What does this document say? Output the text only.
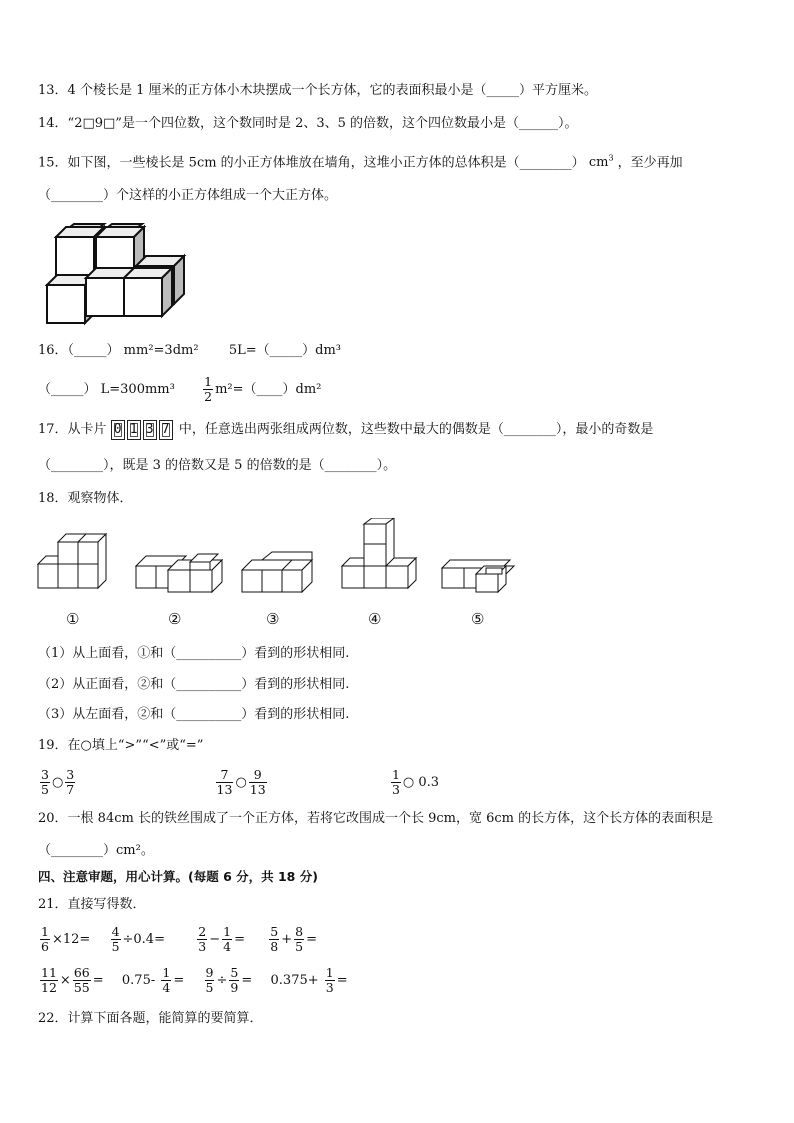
13．4 个棱长是 1 厘米的正方体小木块摆成一个长方体，它的表面积最小是（_____）平方厘米。
14．“2□9□”是一个四位数，这个数同时是 2、3、5 的倍数，这个四位数最小是（______）。
15．如下图，一些棱长是 5cm 的小正方体堆放在墙角，这堆小正方体的总体积是（________） $cm^3$ ，至少再加
（________）个这样的小正方体组成一个大正方体。
16．（_____） mm²=3dm² 5L=（_____）dm³
（_____） $L=300mm^3 \frac{1}{2}$ m²=（____）dm²
17．从卡片 0 1 3 7 中，任意选出两张组成两位数，这些数中最大的偶数是（________），最小的奇数是
（________），既是 3 的倍数又是 5 的倍数的是（________）。
18．观察物体．
①	②	③	④	⑤
（1）从上面看，①和（__________）看到的形状相同.
（2）从正面看，②和（__________）看到的形状相同.
（3）从左面看，②和（__________）看到的形状相同.
19．在○填上“>”“<”或“=”
$\frac{3}{5}$ ○ $\frac{3}{7}$
	$\frac{7}{13}$ ○ $\frac{9}{13}$
	$\frac{1}{3}$ ○ 0.3
20．一根 84cm 长的铁丝围成了一个正方体，若将它改围成一个长 9cm，宽 6cm 的长方体，这个长方体的表面积是
（________）cm²。
四、注意审题，用心计算。(每题 6 分，共 18 分)
21．直接写得数．
$\frac{1}{6} \times 12= \frac{4}{5} \div 0.4=$	$\frac{2}{3} - \frac{1}{4} = \frac{5}{8} + \frac{8}{5}$ =
$\frac{11}{12} \times \frac{66}{55} = 0.75- \frac{1}{4} = \frac{9}{5} \div \frac{5}{9} = 0.375+ \frac{1}{3}$ =
22．计算下面各题，能简算的要简算．
